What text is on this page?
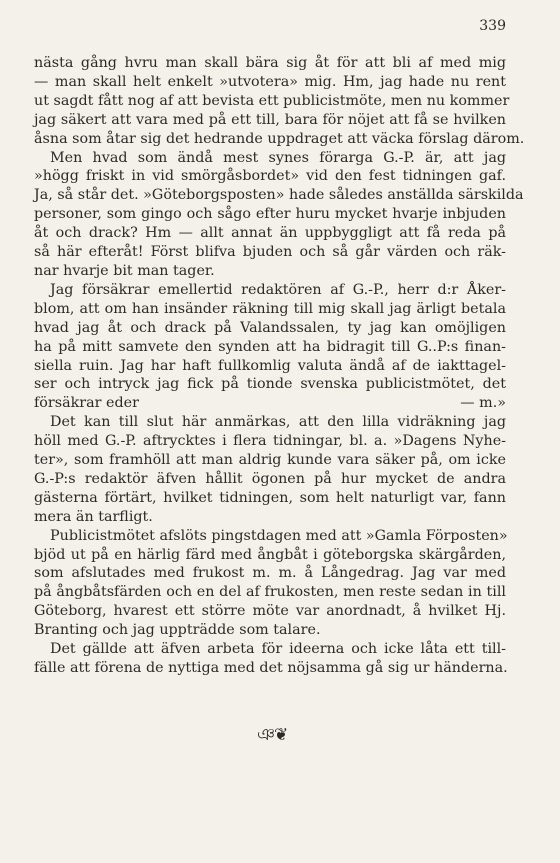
339
nästa gång hvru man skall bära sig åt för att bli af med mig
— man skall helt enkelt »utvotera» mig. Hm, jag hade nu rent
ut sagdt fått nog af att bevista ett publicistmöte, men nu kommer
jag säkert att vara med på ett till, bara för nöjet att få se hvilken
åsna som åtar sig det hedrande uppdraget att väcka förslag därom.
Men hvad som ändå mest synes förarga G.-P. är, att jag
»högg friskt in vid smörgåsbordet» vid den fest tidningen gaf.
Ja, så står det. »Göteborgsposten» hade således anställda särskilda
personer, som gingo och sågo efter huru mycket hvarje inbjuden
åt och drack? Hm — allt annat än uppbyggligt att få reda på
så här efteråt! Först blifva bjuden och så går värden och räk-
nar hvarje bit man tager.
Jag försäkrar emellertid redaktören af G.-P., herr d:r Åker-
blom, att om han insänder räkning till mig skall jag ärligt betala
hvad jag åt och drack på Valandssalen, ty jag kan omöjligen
ha på mitt samvete den synden att ha bidragit till G..P:s finan-
siella ruin. Jag har haft fullkomlig valuta ändå af de iakttagel-
ser och intryck jag fick på tionde svenska publicistmötet, det
försäkrar eder	— m.»
Det kan till slut här anmärkas, att den lilla vidräkning jag
höll med G.-P. aftrycktes i flera tidningar, bl. a. »Dagens Nyhe-
ter», som framhöll att man aldrig kunde vara säker på, om icke
G.-P:s redaktör äfven hållit ögonen på hur mycket de andra
gästerna förtärt, hvilket tidningen, som helt naturligt var, fann
mera än tarfligt.
Publicistmötet afslöts pingstdagen med att »Gamla Förposten»
bjöd ut på en härlig färd med ångbåt i göteborgska skärgården,
som afslutades med frukost m. m. å Långedrag. Jag var med
på ångbåtsfärden och en del af frukosten, men reste sedan in till
Göteborg, hvarest ett större möte var anordnadt, å hvilket Hj.
Branting och jag uppträdde som talare.
Det gällde att äfven arbeta för ideerna och icke låta ett till-
fälle att förena de nyttiga med det nöjsamma gå sig ur händerna.
ঞ❦
